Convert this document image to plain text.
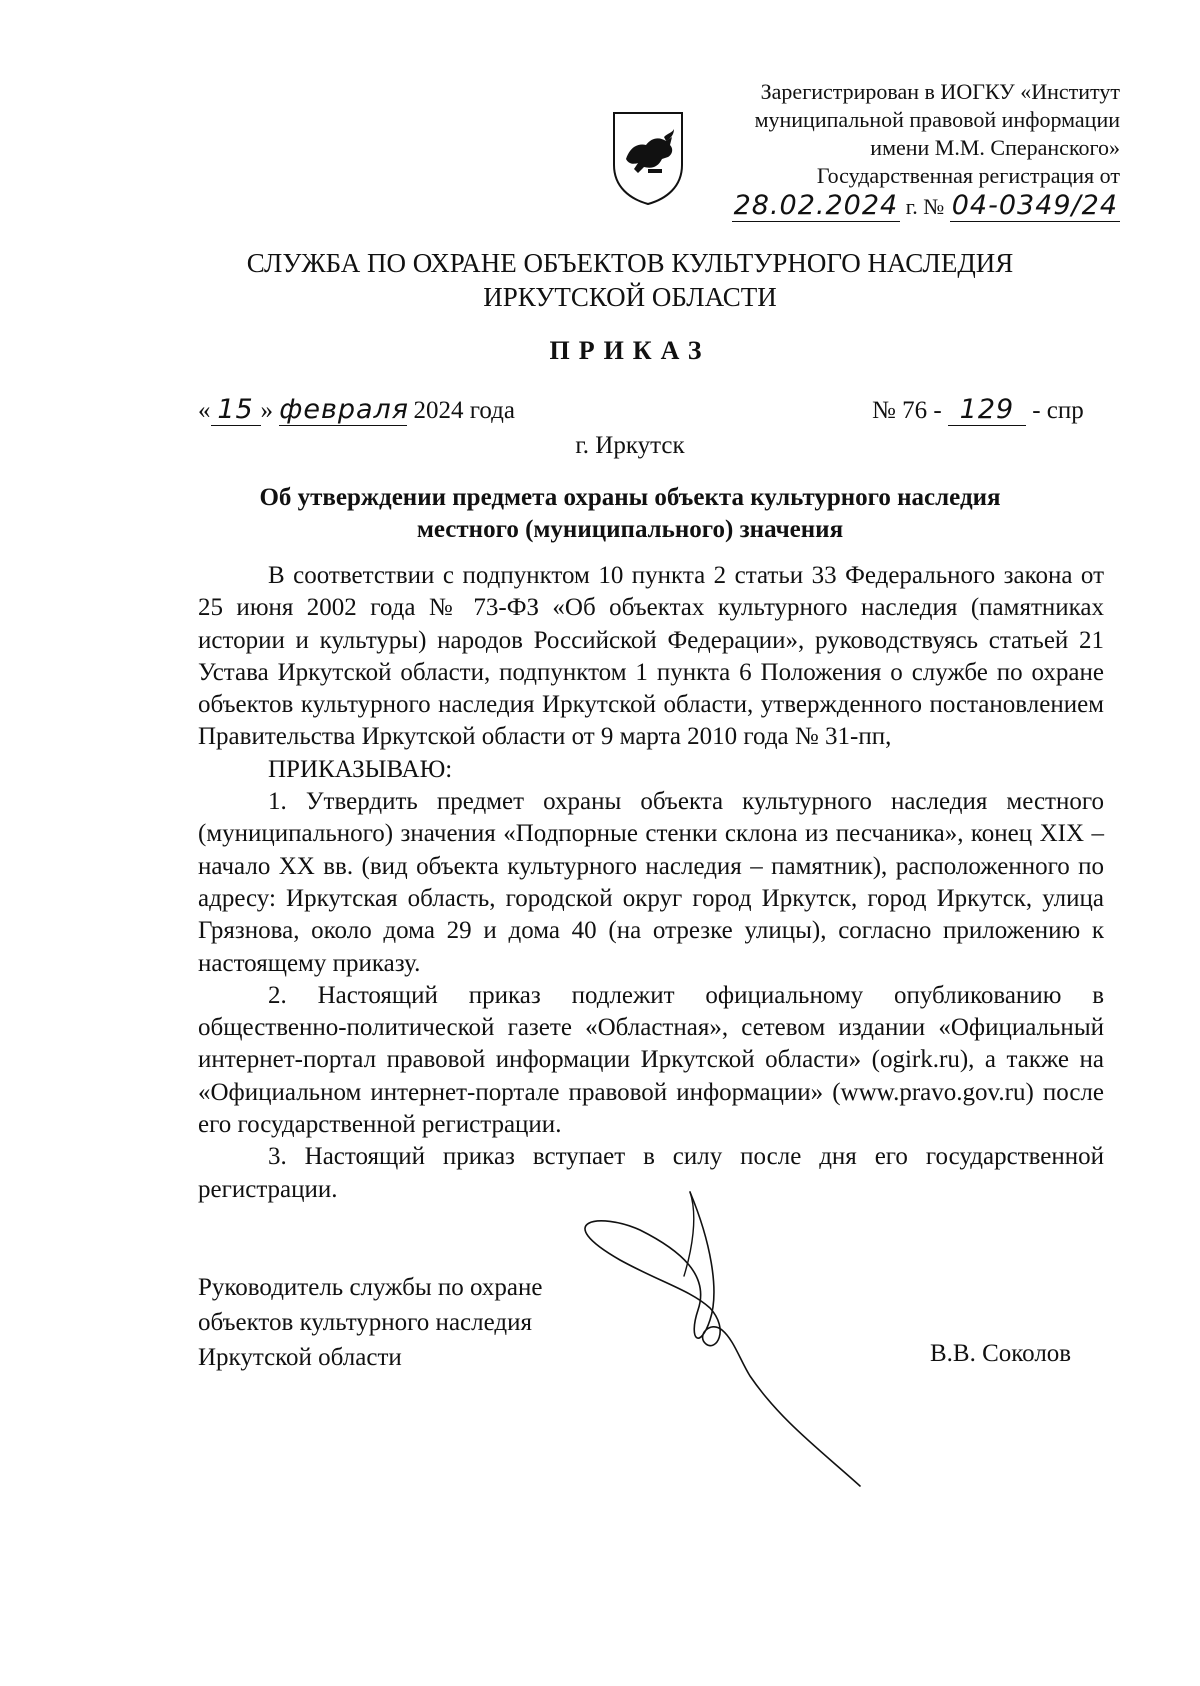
Зарегистрирован в ИОГКУ «Институт
муниципальной правовой информации
имени М.М. Сперанского»
Государственная регистрация от
28.02.2024 г. № 04-0349/24
СЛУЖБА ПО ОХРАНЕ ОБЪЕКТОВ КУЛЬТУРНОГО НАСЛЕДИЯ
ИРКУТСКОЙ ОБЛАСТИ
ПРИКАЗ
« 15 » февраля 2024 года	№ 76 - 129 - спр
г. Иркутск
Об утверждении предмета охраны объекта культурного наследия
местного (муниципального) значения

В соответствии с подпунктом 10 пункта 2 статьи 33 Федерального закона от 25 июня 2002 года № 73-ФЗ «Об объектах культурного наследия (памятниках истории и культуры) народов Российской Федерации», руководствуясь статьей 21 Устава Иркутской области, подпунктом 1 пункта 6 Положения о службе по охране объектов культурного наследия Иркутской области, утвержденного постановлением Правительства Иркутской области от 9 марта 2010 года № 31-пп,

ПРИКАЗЫВАЮ:

1. Утвердить предмет охраны объекта культурного наследия местного (муниципального) значения «Подпорные стенки склона из песчаника», конец XIX – начало XX вв. (вид объекта культурного наследия – памятник), расположенного по адресу: Иркутская область, городской округ город Иркутск, город Иркутск, улица Грязнова, около дома 29 и дома 40 (на отрезке улицы), согласно приложению к настоящему приказу.

2. Настоящий приказ подлежит официальному опубликованию в общественно-политической газете «Областная», сетевом издании «Официальный интернет-портал правовой информации Иркутской области» (ogirk.ru), а также на «Официальном интернет-портале правовой информации» (www.pravo.gov.ru) после его государственной регистрации.

3. Настоящий приказ вступает в силу после дня его государственной регистрации.

Руководитель службы по охране
объектов культурного наследия
Иркутской области	В.В. Соколов
